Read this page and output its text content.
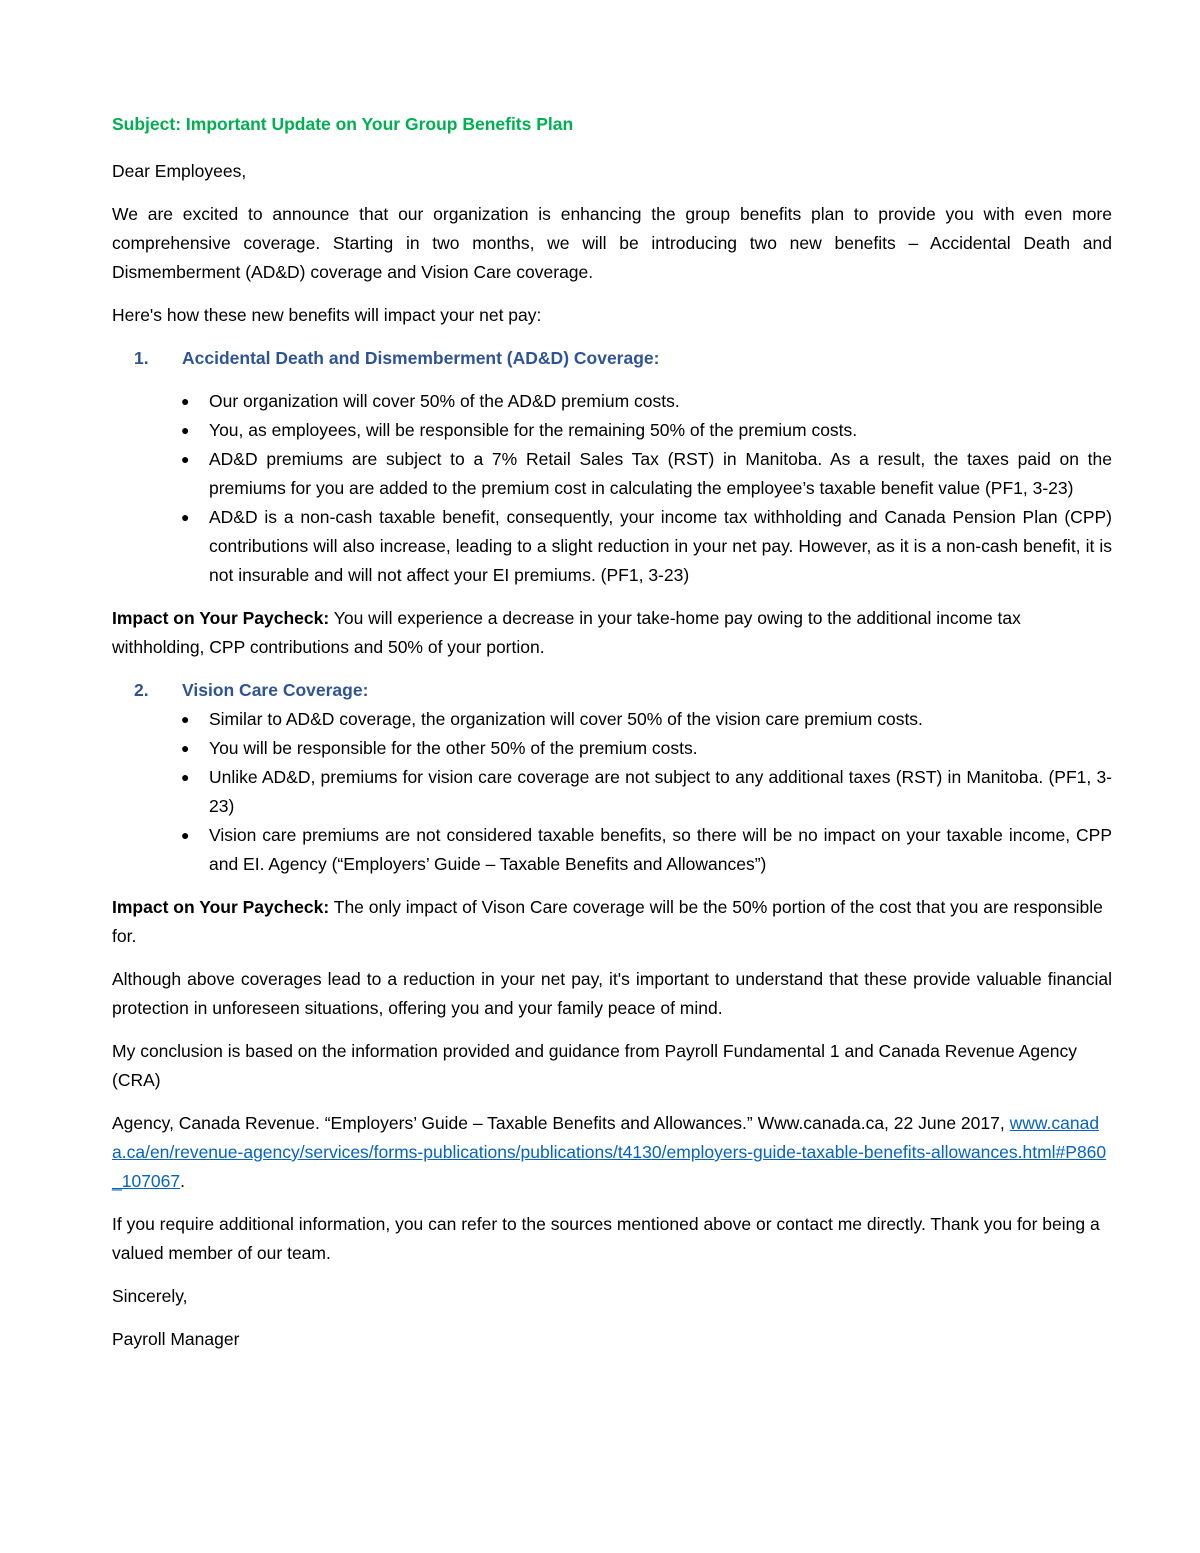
Subject: Important Update on Your Group Benefits Plan

Dear Employees,

We are excited to announce that our organization is enhancing the group benefits plan to provide you with even more comprehensive coverage. Starting in two months, we will be introducing two new benefits – Accidental Death and Dismemberment (AD&D) coverage and Vision Care coverage.

Here's how these new benefits will impact your net pay:

1.	Accidental Death and Dismemberment (AD&D) Coverage:
● Our organization will cover 50% of the AD&D premium costs.
● You, as employees, will be responsible for the remaining 50% of the premium costs.
● AD&D premiums are subject to a 7% Retail Sales Tax (RST) in Manitoba. As a result, the taxes paid on the premiums for you are added to the premium cost in calculating the employee’s taxable benefit value (PF1, 3-23)
● AD&D is a non-cash taxable benefit, consequently, your income tax withholding and Canada Pension Plan (CPP) contributions will also increase, leading to a slight reduction in your net pay. However, as it is a non-cash benefit, it is not insurable and will not affect your EI premiums. (PF1, 3-23)

Impact on Your Paycheck: You will experience a decrease in your take-home pay owing to the additional income tax withholding, CPP contributions and 50% of your portion.

2.	Vision Care Coverage:
● Similar to AD&D coverage, the organization will cover 50% of the vision care premium costs.
● You will be responsible for the other 50% of the premium costs.
● Unlike AD&D, premiums for vision care coverage are not subject to any additional taxes (RST) in Manitoba. (PF1, 3-23)
● Vision care premiums are not considered taxable benefits, so there will be no impact on your taxable income, CPP and EI. Agency (“Employers’ Guide – Taxable Benefits and Allowances”)

Impact on Your Paycheck: The only impact of Vison Care coverage will be the 50% portion of the cost that you are responsible for.

Although above coverages lead to a reduction in your net pay, it's important to understand that these provide valuable financial protection in unforeseen situations, offering you and your family peace of mind.

My conclusion is based on the information provided and guidance from Payroll Fundamental 1 and Canada Revenue Agency (CRA)

Agency, Canada Revenue. “Employers’ Guide – Taxable Benefits and Allowances.” Www.canada.ca, 22 June 2017, www.canada.ca/en/revenue-agency/services/forms-publications/publications/t4130/employers-guide-taxable-benefits-allowances.html#P860_107067.

If you require additional information, you can refer to the sources mentioned above or contact me directly. Thank you for being a valued member of our team.

Sincerely,

Payroll Manager
